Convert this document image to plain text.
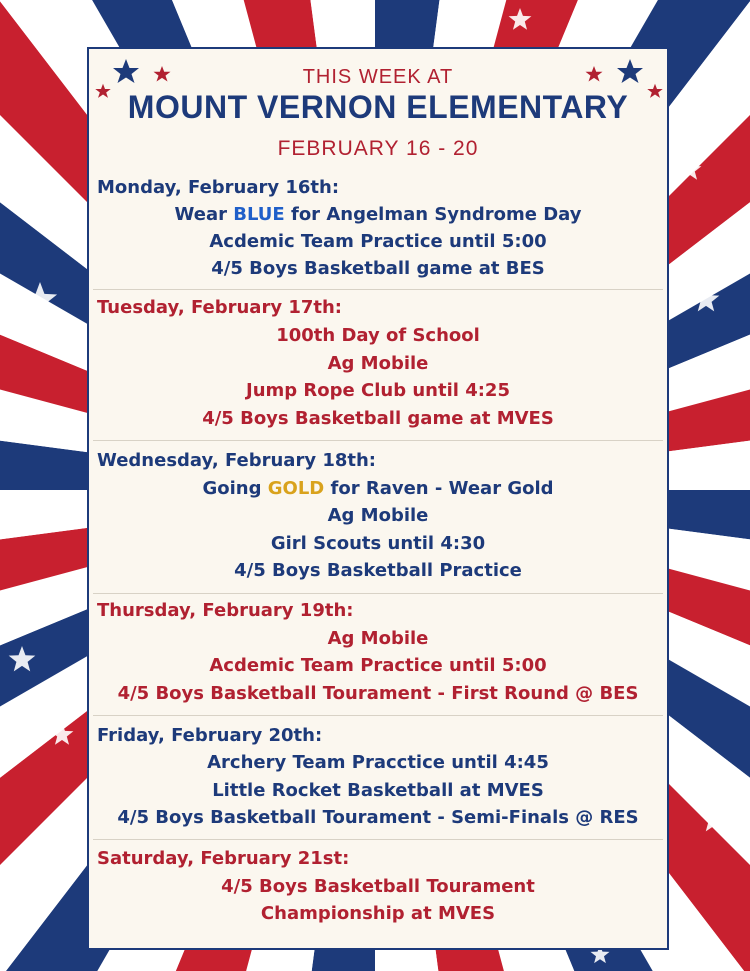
THIS WEEK AT
MOUNT VERNON ELEMENTARY
FEBRUARY 16 - 20
Monday, February 16th:
Wear BLUE for Angelman Syndrome Day
Acdemic Team Practice until 5:00
4/5 Boys Basketball game at BES
Tuesday, February 17th:
100th Day of School
Ag Mobile
Jump Rope Club until 4:25
4/5 Boys Basketball game at MVES
Wednesday, February 18th:
Going GOLD for Raven - Wear Gold
Ag Mobile
Girl Scouts until 4:30
4/5 Boys Basketball Practice
Thursday, February 19th:
Ag Mobile
Acdemic Team Practice until 5:00
4/5 Boys Basketball Tourament - First Round @ BES
Friday, February 20th:
Archery Team Pracctice until 4:45
Little Rocket Basketball at MVES
4/5 Boys Basketball Tourament - Semi-Finals @ RES
Saturday, February 21st:
4/5 Boys Basketball Tourament
Championship at MVES
